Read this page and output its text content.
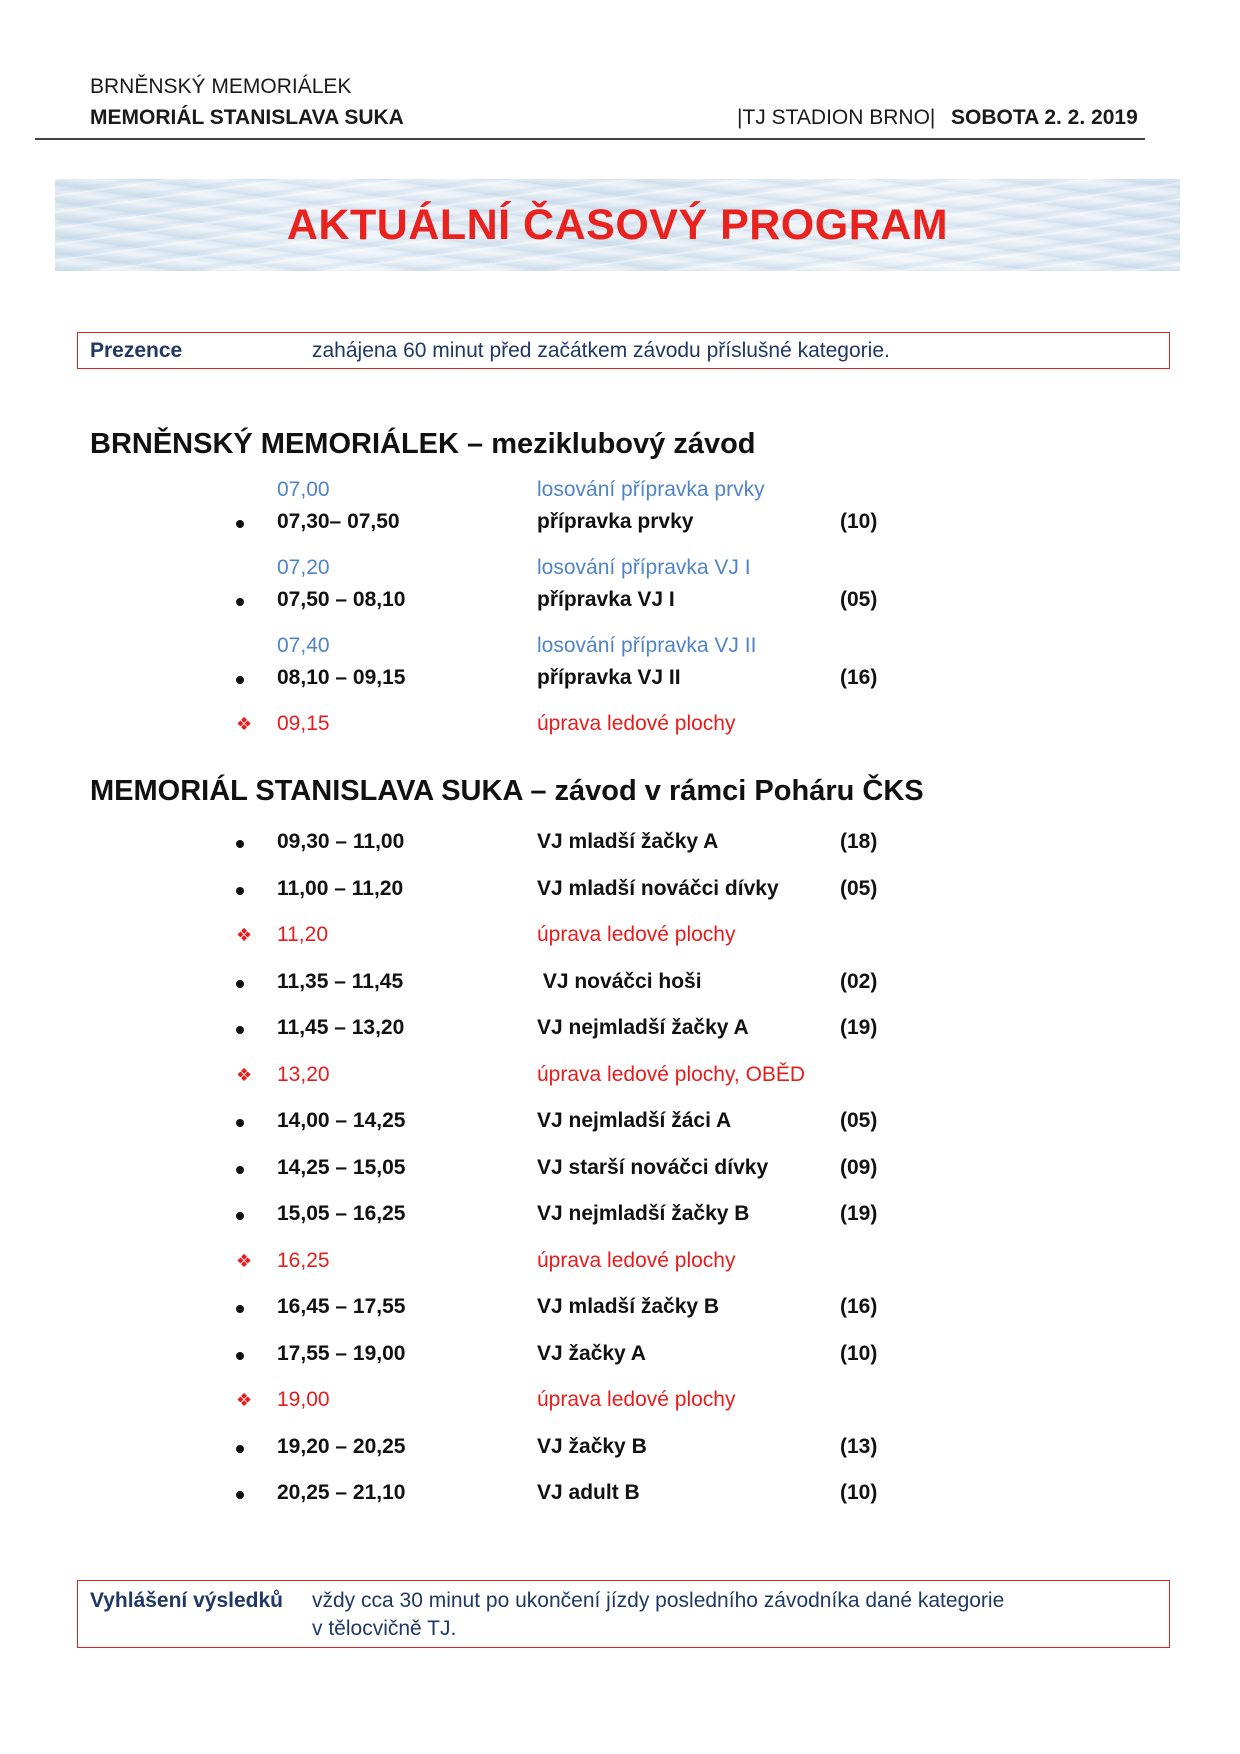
BRNĚNSKÝ MEMORIÁLEK
MEMORIÁL STANISLAVA SUKA	|TJ STADION BRNO| SOBOTA 2. 2. 2019
AKTUÁLNÍ ČASOVÝ PROGRAM
Prezence	zahájena 60 minut před začátkem závodu příslušné kategorie.
BRNĚNSKÝ MEMORIÁLEK – meziklubový závod
07,00	losování přípravka prvky
07,30– 07,50	přípravka prvky	(10)
07,20	losování přípravka VJ I
07,50 – 08,10	přípravka VJ I	(05)
07,40	losování přípravka VJ II
08,10 – 09,15	přípravka VJ II	(16)
❖ 09,15	úprava ledové plochy
MEMORIÁL STANISLAVA SUKA – závod v rámci Poháru ČKS
09,30 – 11,00	VJ mladší žačky A	(18)
11,00 – 11,20	VJ mladší nováčci dívky	(05)
❖ 11,20	úprava ledové plochy
11,35 – 11,45	VJ nováčci hoši	(02)
11,45 – 13,20	VJ nejmladší žačky A	(19)
❖ 13,20	úprava ledové plochy, OBĚD
14,00 – 14,25	VJ nejmladší žáci A	(05)
14,25 – 15,05	VJ starší nováčci dívky	(09)
15,05 – 16,25	VJ nejmladší žačky B	(19)
❖ 16,25	úprava ledové plochy
16,45 – 17,55	VJ mladší žačky B	(16)
17,55 – 19,00	VJ žačky A	(10)
❖ 19,00	úprava ledové plochy
19,20 – 20,25	VJ žačky B	(13)
20,25 – 21,10	VJ adult B	(10)
Vyhlášení výsledků vždy cca 30 minut po ukončení jízdy posledního závodníka dané kategorie
v tělocvičně TJ.
